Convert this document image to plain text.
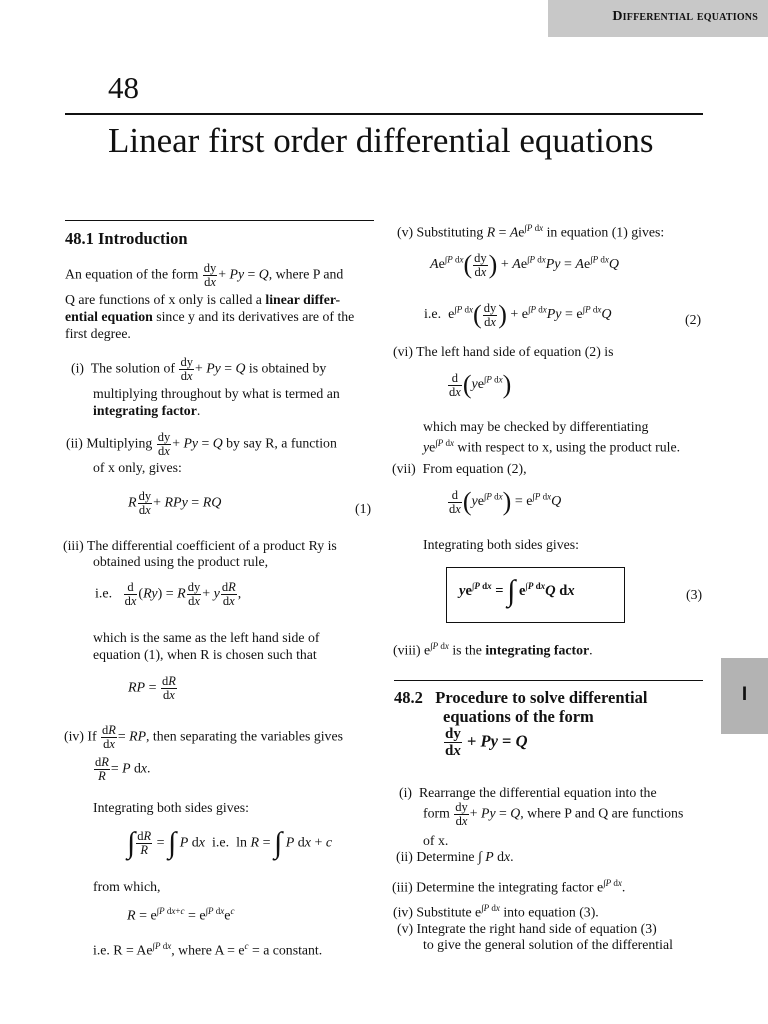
Differential equations
I
48
Linear first order differential equations
48.1 Introduction
An equation of the form $\frac{dy}{dx} + Py = Q$, where P and
Q are functions of x only is called a linear differ-
ential equation since y and its derivatives are of the
first degree.
(i) The solution of $\frac{dy}{dx} + Py = Q$ is obtained by
multiplying throughout by what is termed an
integrating factor.
(ii) Multiplying $\frac{dy}{dx} + Py = Q$ by say R, a function
of x only, gives:
R $\frac{dy}{dx}$ + RPy = RQ	(1)
(iii) The differential coefficient of a product Ry is
obtained using the product rule,
i.e. $\frac{d}{dx} (Ry) = R \frac{dy}{dx} + y \frac{dR}{dx}$ ,
which is the same as the left hand side of
equation (1), when R is chosen such that
RP = $\frac{dR}{dx}$
(iv) If $\frac{dR}{dx}$ = RP, then separating the variables gives
$\frac{dR}{R} = P$ dx.
Integrating both sides gives:
∫ $\frac{dR}{R}$ = ∫ P dx  i.e.  ln R = ∫ P dx + c
from which,
$R = e^{\int P dx+c} = e^{\int P dx}e^c$
i.e. $R = Ae^{\int P dx}$, where $A = e^c = a$ constant.
(v) Substituting $R = Ae^{\int P dx}$ in equation (1) gives:
$Ae^{\int P dx}( \frac{dy}{dx}$ ) + $Ae^{\int P dx}Py = Ae^{\int P dx}Q$
i.e.  $e^{\int P dx}( \frac{dy}{dx}$ ) + $e^{\int P dx}Py = e^{\int P dx}Q$	(2)
(vi) The left hand side of equation (2) is
$\frac{d}{dx} (ye^{\int P dx})$
which may be checked by differentiating
$ye^{\int P dx}$ with respect to x, using the product rule.
(vii) From equation (2),
$\frac{d}{dx} (ye^{\int P dx}) = e^{\int P dx}Q$
Integrating both sides gives:
$ye^{\int P dx}$ = ∫ $e^{\int P dx}Q$ dx	(3)
(viii) $e^{\int P dx}$ is the integrating factor.
48.2 Procedure to solve differential
equations of the form
$\frac{dy}{dx} + Py = Q$
(i) Rearrange the differential equation into the
form $\frac{dy}{dx} + Py = Q$, where P and Q are functions
of x.
(ii) Determine ∫ P dx.
(iii) Determine the integrating factor $e^{\int P dx}$.
(iv) Substitute $e^{\int P dx}$ into equation (3).
(v) Integrate the right hand side of equation (3)
to give the general solution of the differential
